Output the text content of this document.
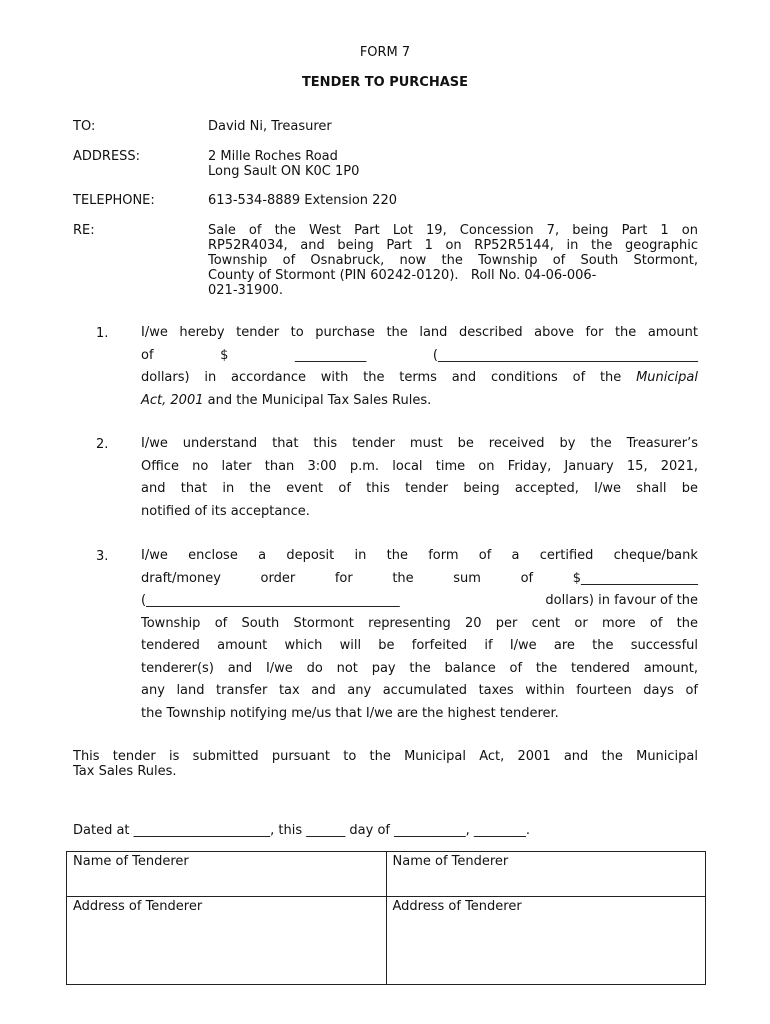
FORM 7
TENDER TO PURCHASE
TO:	David Ni, Treasurer
ADDRESS:	2 Mille Roches Road
Long Sault ON K0C 1P0
TELEPHONE:	613-534-8889 Extension 220
RE:	Sale of the West Part Lot 19, Concession 7, being Part 1 on
RP52R4034, and being Part 1 on RP52R5144, in the geographic
Township of Osnabruck, now the Township of South Stormont,
County of Stormont (PIN 60242-0120).   Roll No. 04-06-006-
021-31900.
1.	I/we hereby tender to purchase the land described above for the amount
of	$	___________	(________________________________________
dollars) in accordance with the terms and conditions of the Municipal
Act, 2001 and the Municipal Tax Sales Rules.
2.	I/we understand that this tender must be received by the Treasurer’s
Office no later than 3:00 p.m. local time on Friday, January 15, 2021,
and that in the event of this tender being accepted, I/we shall be
notified of its acceptance.
3.	I/we enclose a deposit in the form of a certified cheque/bank
draft/money	order	for	the	sum	of	$__________________
(_______________________________________	dollars) in favour of the
Township of South Stormont representing 20 per cent or more of the
tendered amount which will be forfeited if I/we are the successful
tenderer(s) and I/we do not pay the balance of the tendered amount,
any land transfer tax and any accumulated taxes within fourteen days of
the Township notifying me/us that I/we are the highest tenderer.
This tender is submitted pursuant to the Municipal Act, 2001 and the Municipal
Tax Sales Rules.
Dated at _____________________, this ______ day of ___________, ________.
Name of Tenderer	Name of Tenderer
Address of Tenderer	Address of Tenderer
